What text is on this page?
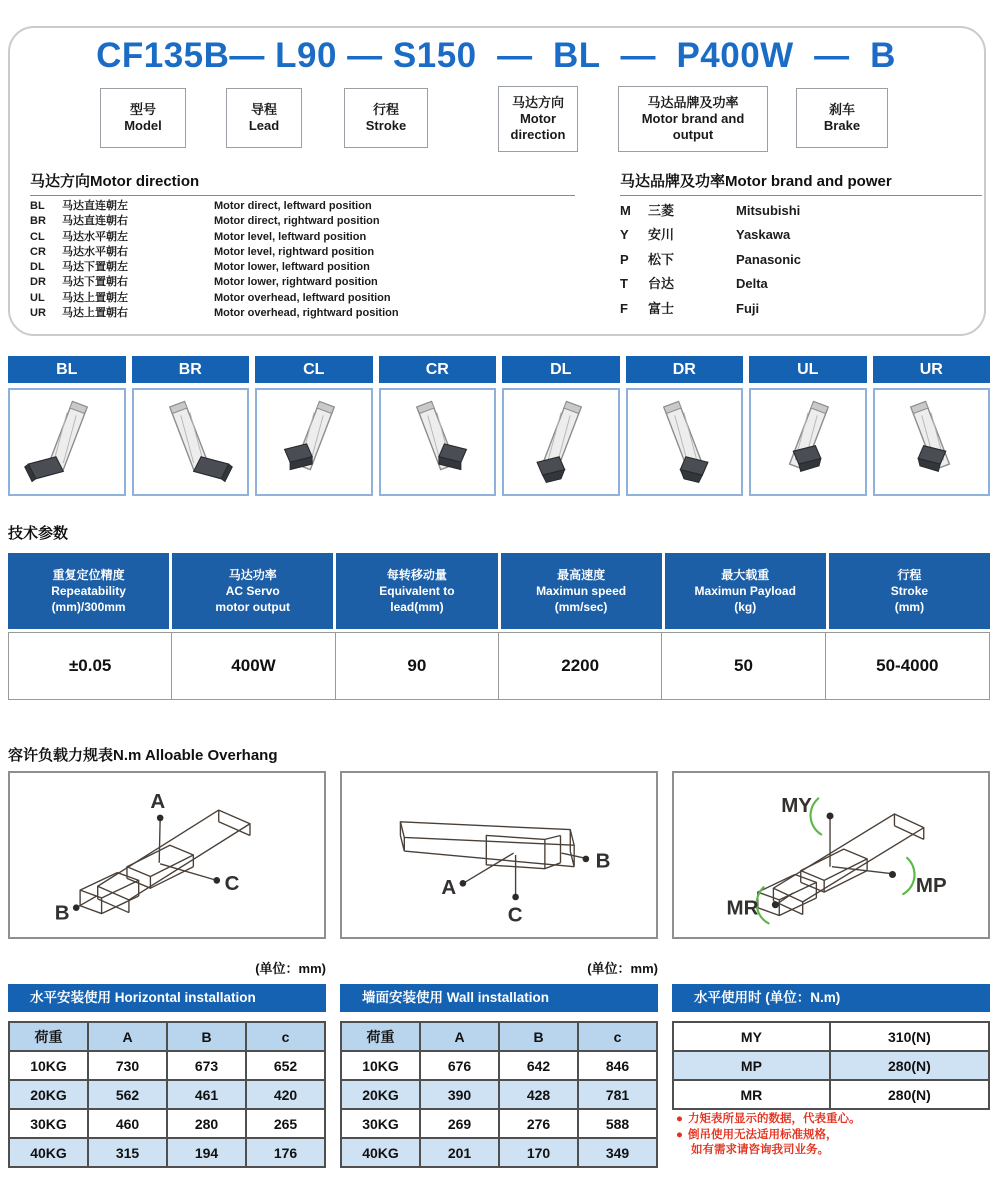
CF135B— L90 — S150  —  BL  —  P400W  —  B
型号
Model
导程
Lead
行程
Stroke
马达方向
Motor direction
马达品牌及功率
Motor brand and output
刹车
Brake
马达方向Motor direction
BL	马达直连朝左	Motor direct, leftward position
BR	马达直连朝右	Motor direct, rightward position
CL	马达水平朝左	Motor level, leftward position
CR	马达水平朝右	Motor level, rightward position
DL	马达下置朝左	Motor lower, leftward position
DR	马达下置朝右	Motor lower, rightward position
UL	马达上置朝左	Motor overhead, leftward position
UR	马达上置朝右	Motor overhead, rightward position
马达品牌及功率Motor brand and power
M	三菱	Mitsubishi
Y	安川	Yaskawa
P	松下	Panasonic
T	台达	Delta
F	富士	Fuji
BL	BR	CL	CR	DL	DR	UL	UR
技术参数
重复定位精度
Repeatability
(mm)/300mm
马达功率
AC Servo
motor output
每转移动量
Equivalent to
lead(mm)
最高速度
Maximun speed
(mm/sec)
最大载重
Maximun Payload
(kg)
行程
Stroke
(mm)
±0.05	400W	90	2200	50	50-4000
容许负载力规表N.m Alloable Overhang
A
B
C	A
B
C
MY
MP
MR
(单位：mm)	(单位：mm)
水平安装使用 Horizontal installation	墙面安装使用 Wall installation	水平使用时 (单位：N.m)
荷重	A	B	c
10KG	730	673	652
20KG	562	461	420
30KG	460	280	265
40KG	315	194	176
荷重	A	B	c
10KG	676	642	846
20KG	390	428	781
30KG	269	276	588
40KG	201	170	349
MY	310(N)
MP	280(N)
MR	280(N)
● 力矩表所显示的数据，代表重心。
● 倒吊使用无法适用标准规格，
如有需求请咨询我司业务。
